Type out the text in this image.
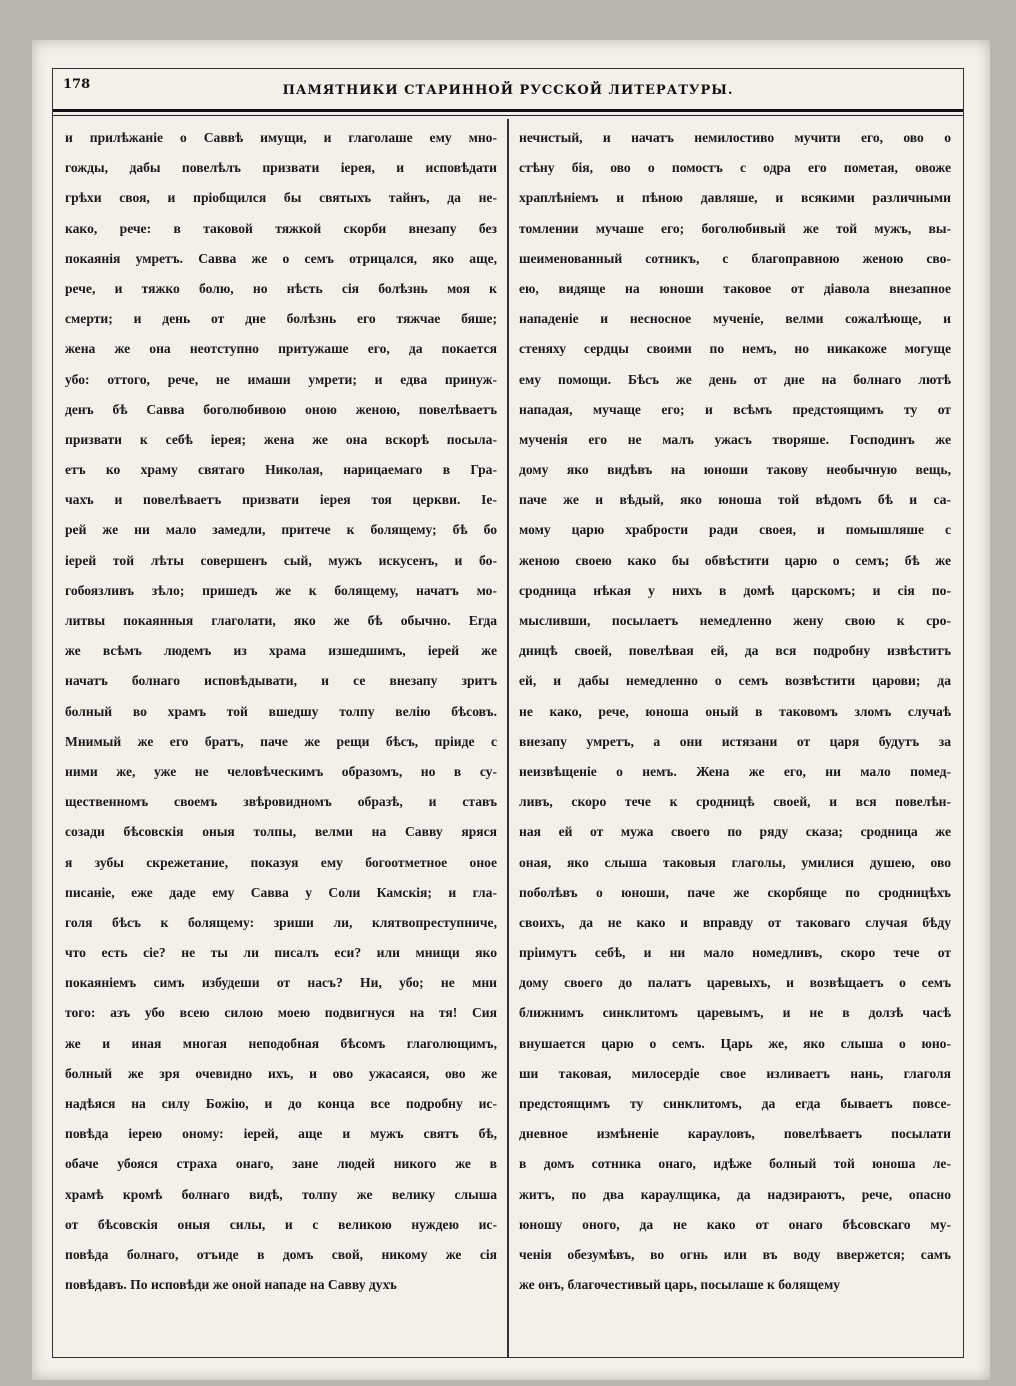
178	ПАМЯТНИКИ СТАРИННОЙ РУССКОЙ ЛИТЕРАТУРЫ.
и прилѣжаніе о Саввѣ имущи, и глаголаше ему мно-
гожды, дабы повелѣлъ призвати іерея, и исповѣдати
грѣхи своя, и пріобщился бы святыхъ тайнъ, да не-
како, рече: в таковой тяжкой скорби внезапу без
покаянія умретъ. Савва же о семъ отрицался, яко аще,
рече, и тяжко болю, но нѣсть сія болѣзнь моя к
смерти; и день от дне болѣзнь его тяжчае бяше;
жена же она неотступно притужаше его, да покается
убо: оттого, рече, не имаши умрети; и едва принуж-
денъ бѣ Савва боголюбивою оною женою, повелѣваетъ
призвати к себѣ іерея; жена же она вскорѣ посыла-
етъ ко храму святаго Николая, нарицаемаго в Гра-
чахъ и повелѣваетъ призвати іерея тоя церкви. Іе-
рей же ни мало замедли, притече к болящему; бѣ бо
іерей той лѣты совершенъ сый, мужъ искусенъ, и бо-
гобоязливъ зѣло; пришедъ же к болящему, начатъ мо-
литвы покаянныя глаголати, яко же бѣ обычно. Егда
же всѣмъ людемъ из храма изшедшимъ, іерей же
начатъ болнаго исповѣдывати, и се внезапу зритъ
болный во храмъ той вшедшу толпу велію бѣсовъ.
Мнимый же его братъ, паче же рещи бѣсъ, пріиде с
ними же, уже не человѣческимъ образомъ, но в су-
щественномъ своемъ звѣровидномъ образѣ, и ставъ
созади бѣсовскія оныя толпы, велми на Савву яряся
я зубы скрежетание, показуя ему богоотметное оное
писаніе, еже даде ему Савва у Соли Камскія; и гла-
голя бѣсъ к болящему: зриши ли, клятвопреступниче,
что есть сіе? не ты ли писалъ еси? или мнищи яко
покаяніемъ симъ избудеши от насъ? Ни, убо; не мни
того: азъ убо всею силою моею подвигнуся на тя! Сия
же и иная многая неподобная бѣсомъ глаголющимъ,
болный же зря очевидно ихъ, и ово ужасаяся, ово же
надѣяся на силу Божію, и до конца все подробну ис-
повѣда іерею оному: іерей, аще и мужъ святъ бѣ,
обаче убояся страха онаго, зане людей никого же в
храмѣ кромѣ болнаго видѣ, толпу же велику слыша
от бѣсовскія оныя силы, и с великою нуждею ис-
повѣда болнаго, отъиде в домъ свой, никому же сія
повѣдавъ. По исповѣди же оной нападе на Савву духъ
нечистый, и начатъ немилостиво мучити его, ово о
стѣну бія, ово о помостъ с одра его пометая, овоже
храплѣніемъ и пѣною давляше, и всякими различными
томлении мучаше его; боголюбивый же той мужъ, вы-
шеименованный сотникъ, с благоправною женою сво-
ею, видяще на юноши таковое от діавола внезапное
нападеніе и несносное мученіе, велми сожалѣюще, и
стеняху сердцы своими по немъ, но никакоже могуще
ему помощи. Бѣсъ же день от дне на болнаго лютѣ
нападая, мучаще его; и всѣмъ предстоящимъ ту от
мученія его не малъ ужасъ творяше. Господинъ же
дому яко видѣвъ на юноши такову необычную вещь,
паче же и вѣдый, яко юноша той вѣдомъ бѣ и са-
мому царю храбрости ради своея, и помышляше с
женою своею како бы обвѣстити царю о семъ; бѣ же
сродница нѣкая у нихъ в домѣ царскомъ; и сія по-
мысливши, посылаетъ немедленно жену свою к сро-
дницѣ своей, повелѣвая ей, да вся подробну извѣститъ
ей, и дабы немедленно о семъ возвѣстити царови; да
не како, рече, юноша оный в таковомъ зломъ случаѣ
внезапу умретъ, а они истязани от царя будутъ за
неизвѣщеніе о немъ. Жена же его, ни мало помед-
ливъ, скоро тече к сродницѣ своей, и вся повелѣн-
ная ей от мужа своего по ряду сказа; сродница же
оная, яко слыша таковыя глаголы, умилися душею, ово
поболѣвъ о юноши, паче же скорбяще по сродницѣхъ
своихъ, да не како и вправду от таковаго случая бѣду
пріимутъ себѣ, и ни мало номедливъ, скоро тече от
дому своего до палатъ царевыхъ, и возвѣщаетъ о семъ
ближнимъ синклитомъ царевымъ, и не в долзѣ часѣ
внушается царю о семъ. Царь же, яко слыша о юно-
ши таковая, милосердіе свое изливаетъ нань, глаголя
предстоящимъ ту синклитомъ, да егда бываетъ повсе-
дневное измѣненіе карауловъ, повелѣваетъ посылати
в домъ сотника онаго, идѣже болный той юноша ле-
житъ, по два караулщика, да надзираютъ, рече, опасно
юношу оного, да не како от онаго бѣсовскаго му-
ченія обезумѣвъ, во огнь или въ воду ввержется; самъ
же онъ, благочестивый царь, посылаше к болящему
